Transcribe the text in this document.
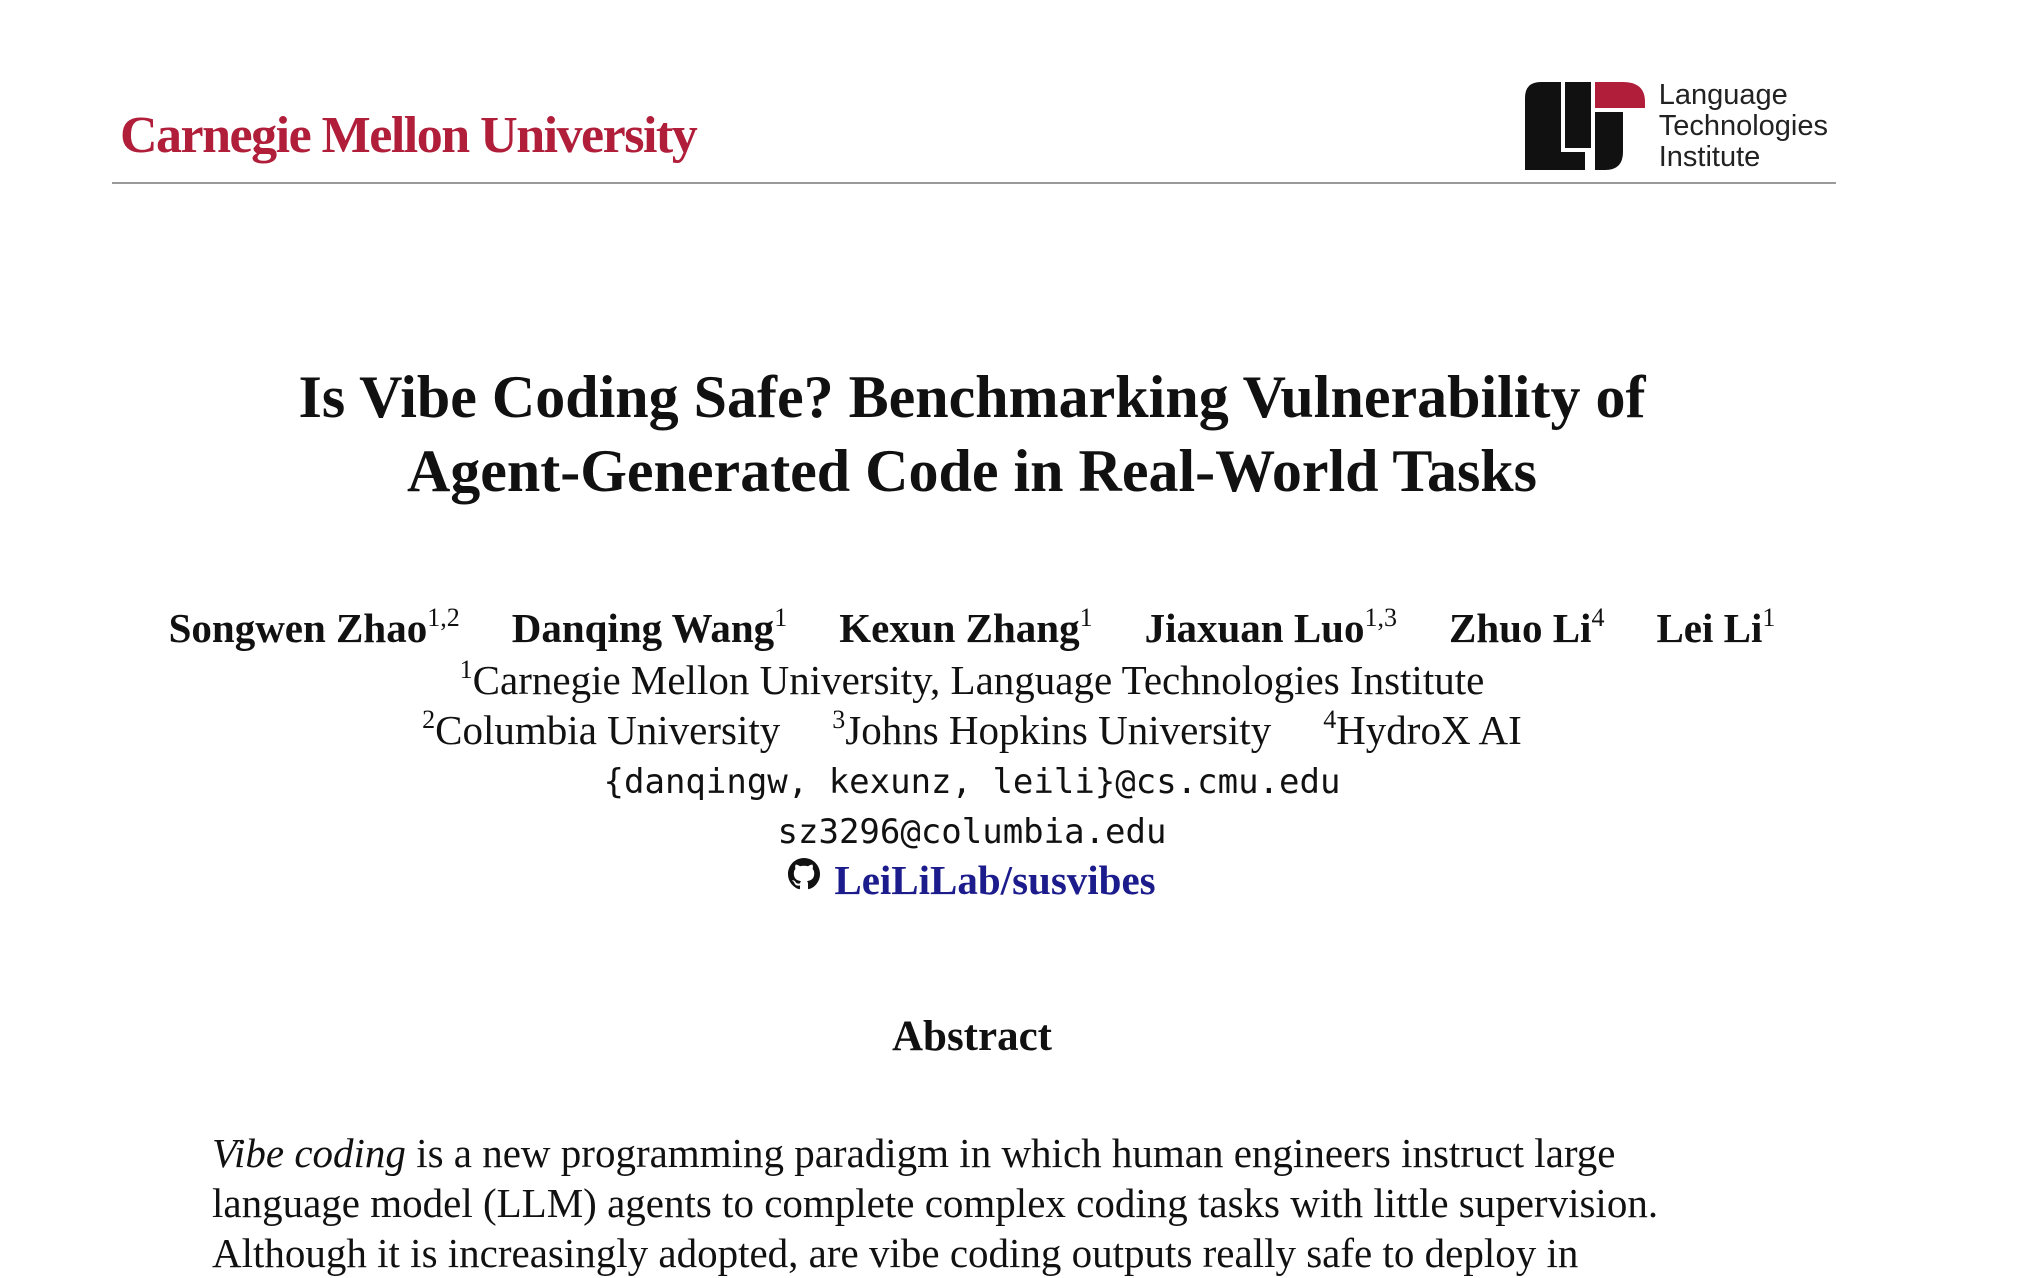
Carnegie Mellon University
Language
Technologies
Institute
Is Vibe Coding Safe? Benchmarking Vulnerability of
Agent-Generated Code in Real-World Tasks
Songwen Zhao$^{1,2}$ Danqing Wang$^1$ Kexun Zhang$^1$ Jiaxuan Luo$^{1,3}$ Zhuo Li$^4$ Lei Li$^1$
$^1$Carnegie Mellon University, Language Technologies Institute
$^2$Columbia University $^3$Johns Hopkins University $^4$HydroX AI
{danqingw, kexunz, leili}@cs.cmu.edu
sz3296@columbia.edu
LeiLiLab/susvibes
Abstract
Vibe coding is a new programming paradigm in which human engineers instruct large
language model (LLM) agents to complete complex coding tasks with little supervision.
Although it is increasingly adopted, are vibe coding outputs really safe to deploy in
